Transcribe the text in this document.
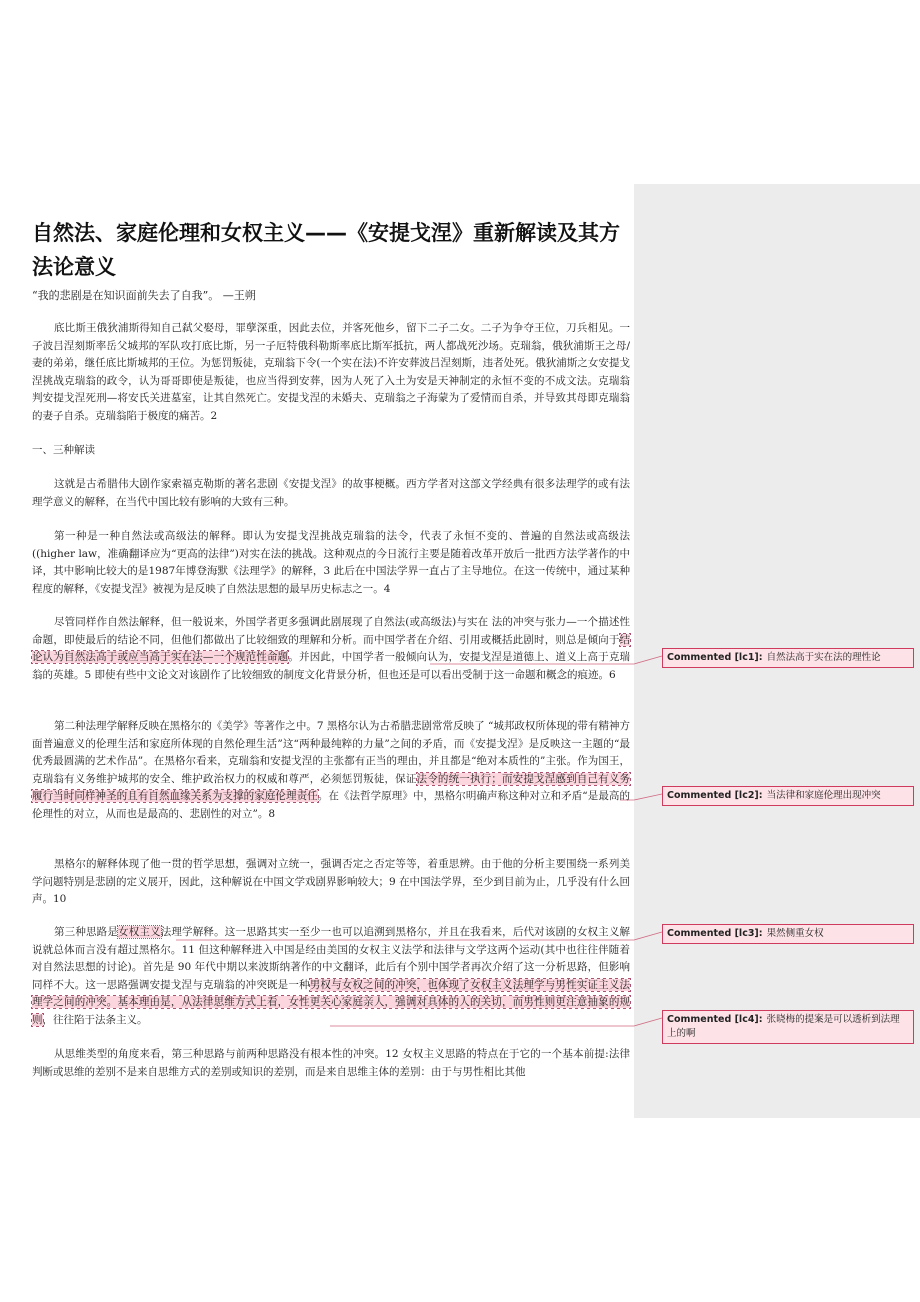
自然法、家庭伦理和女权主义——《安提戈涅》重新解读及其方法论意义
“我的悲剧是在知识面前失去了自我”。 —王朔

底比斯王俄狄浦斯得知自己弑父娶母，罪孽深重，因此去位，并客死他乡，留下二子二女。二子为争夺王位，刀兵相见。一子波吕涅刻斯率岳父城邦的军队攻打底比斯，另一子厄特俄科勒斯率底比斯军抵抗，两人都战死沙场。克瑞翁，俄狄浦斯王之母/妻的弟弟，继任底比斯城邦的王位。为惩罚叛徒，克瑞翁下令(一个实在法)不许安葬波吕涅刻斯，违者处死。俄狄浦斯之女安提戈涅挑战克瑞翁的政令，认为哥哥即使是叛徒，也应当得到安葬，因为人死了入土为安是天神制定的永恒不变的不成文法。克瑞翁判安提戈涅死刑—将安氏关进墓室，让其自然死亡。安提戈涅的未婚夫、克瑞翁之子海蒙为了爱情而自杀，并导致其母即克瑞翁的妻子自杀。克瑞翁陷于极度的痛苦。2

一、三种解读

这就是古希腊伟大剧作家索福克勒斯的著名悲剧《安提戈涅》的故事梗概。西方学者对这部文学经典有很多法理学的或有法理学意义的解释，在当代中国比较有影响的大致有三种。

第一种是一种自然法或高级法的解释。即认为安提戈涅挑战克瑞翁的法令，代表了永恒不变的、普遍的自然法或高级法((higher law，准确翻译应为“更高的法律”)对实在法的挑战。这种观点的今日流行主要是随着改革开放后一批西方法学著作的中译，其中影响比较大的是1987年博登海默《法理学》的解释，3 此后在中国法学界一直占了主导地位。在这一传统中，通过某种程度的解释，《安提戈涅》被视为是反映了自然法思想的最早历史标志之一。4

尽管同样作自然法解释，但一般说来，外国学者更多强调此剧展现了自然法(或高级法)与实在 法的冲突与张力—一个描述性命题，即使最后的结论不同，但他们都做出了比较细致的理解和分析。而中国学者在介绍、引用或概括此剧时，则总是倾向于结论认为自然法高于或应当高于实在法—一个规范性命题。并因此，中国学者一般倾向认为，安提戈涅是道德上、道义上高于克瑞翁的英雄。5 即使有些中文论文对该剧作了比较细致的制度文化背景分析，但也还是可以看出受制于这一命题和概念的痕迹。6

第二种法理学解释反映在黑格尔的《美学》等著作之中。7 黑格尔认为古希腊悲剧常常反映了 “城邦政权所体现的带有精神方面普遍意义的伦理生活和家庭所体现的自然伦理生活”这“两种最纯粹的力量”之间的矛盾，而《安提戈涅》是反映这一主题的“最优秀最圆满的艺术作品”。在黑格尔看来，克瑞翁和安提戈涅的主张都有正当的理由，并且都是“绝对本质性的”主张。作为国王，克瑞翁有义务维护城邦的安全、维护政治权力的权威和尊严，必须惩罚叛徒，保证法令的统一执行；而安提戈涅感到自己有义务履行当时同样神圣的且有自然血缘关系为支撑的家庭伦理责任。在《法哲学原理》中，黑格尔明确声称这种对立和矛盾“是最高的伦理性的对立，从而也是最高的、悲剧性的对立”。8

黑格尔的解释体现了他一贯的哲学思想，强调对立统一，强调否定之否定等等，着重思辨。由于他的分析主要围绕一系列美学问题特别是悲剧的定义展开，因此，这种解说在中国文学戏剧界影响较大；9 在中国法学界，至少到目前为止，几乎没有什么回声。10

第三种思路是女权主义法理学解释。这一思路其实一至少一也可以追溯到黑格尔，并且在我看来，后代对该剧的女权主义解说就总体而言没有超过黑格尔。11 但这种解释进入中国是经由美国的女权主义法学和法律与文学这两个运动(其中也往往伴随着对自然法思想的讨论)。首先是 90 年代中期以来波斯纳著作的中文翻译，此后有个别中国学者再次介绍了这一分析思路，但影响同样不大。这一思路强调安提戈涅与克瑞翁的冲突既是一种男权与女权之间的冲突，也体现了女权主义法理学与男性实证主义法理学之间的冲突。基本理由是，从法律思维方式上看，女性更关心家庭亲人，强调对具体的人的关切，而男性则更注意抽象的规则，往往陷于法条主义。

从思维类型的角度来看，第三种思路与前两种思路没有根本性的冲突。12 女权主义思路的特点在于它的一个基本前提:法律判断或思维的差别不是来自思维方式的差别或知识的差别，而是来自思维主体的差别：由于与男性相比其他

Commented [lc1]: 自然法高于实在法的理性论
Commented [lc2]: 当法律和家庭伦理出现冲突
Commented [lc3]: 果然侧重女权
Commented [lc4]: 张晓梅的提案是可以透析到法理上的啊
